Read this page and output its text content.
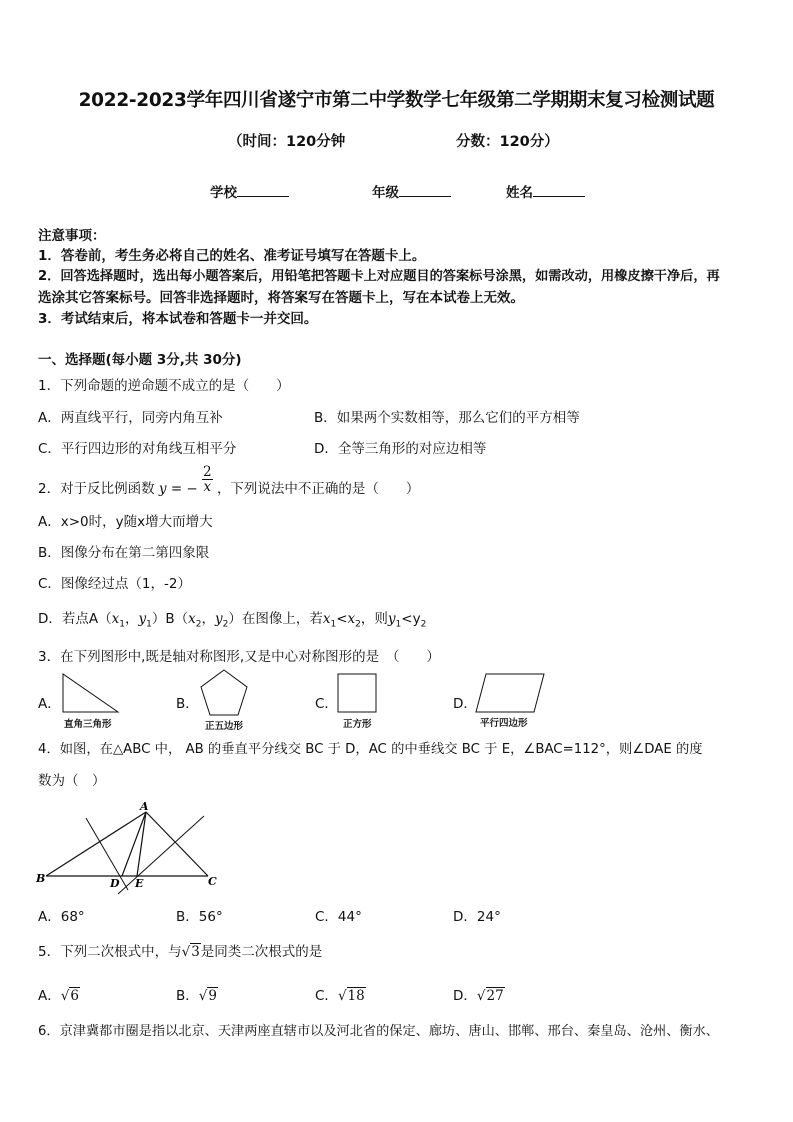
2022-2023学年四川省遂宁市第二中学数学七年级第二学期期末复习检测试题
（时间：120分钟	分数：120分）
学校	年级	姓名
注意事项：
1．答卷前，考生务必将自己的姓名、准考证号填写在答题卡上。
2．回答选择题时，选出每小题答案后，用铅笔把答题卡上对应题目的答案标号涂黑，如需改动，用橡皮擦干净后，再
选涂其它答案标号。回答非选择题时，将答案写在答题卡上，写在本试卷上无效。
3．考试结束后，将本试卷和答题卡一并交回。
一、选择题(每小题 3分,共 30分)
1．下列命题的逆命题不成立的是（　　）
A．两直线平行，同旁内角互补	B．如果两个实数相等，那么它们的平方相等
C．平行四边形的对角线互相平分	D．全等三角形的对应边相等
2．对于反比例函数 y = − $\frac{2}{x}$ ，下列说法中不正确的是（　　）
A．x>0时，y随x增大而增大
B．图像分布在第二第四象限
C．图像经过点（1，-2）
D．若点$A(x_1$，$y_1)B(x_2$，$y_2$）在图像上，若$x_1<x_2$，则$y_1<y_2$
3．在下列图形中,既是轴对称图形,又是中心对称图形的是　（　　）
A．
直角三角形
B．
正五边形
C．
正方形
D．
平行四边形
4．如图，在△ABC 中， AB 的垂直平分线交 BC 于 D，AC 的中垂线交 BC 于 E，∠BAC=112°，则∠DAE 的度
数为（　）
A
B	C
D E
A．68°	B．56°	C．44°	D．24°
5．下列二次根式中，与√3是同类二次根式的是
A．√6	B．√9	C．√18	D．√27
6．京津冀都市圈是指以北京、天津两座直辖市以及河北省的保定、廊坊、唐山、邯郸、邢台、秦皇岛、沧州、衡水、
